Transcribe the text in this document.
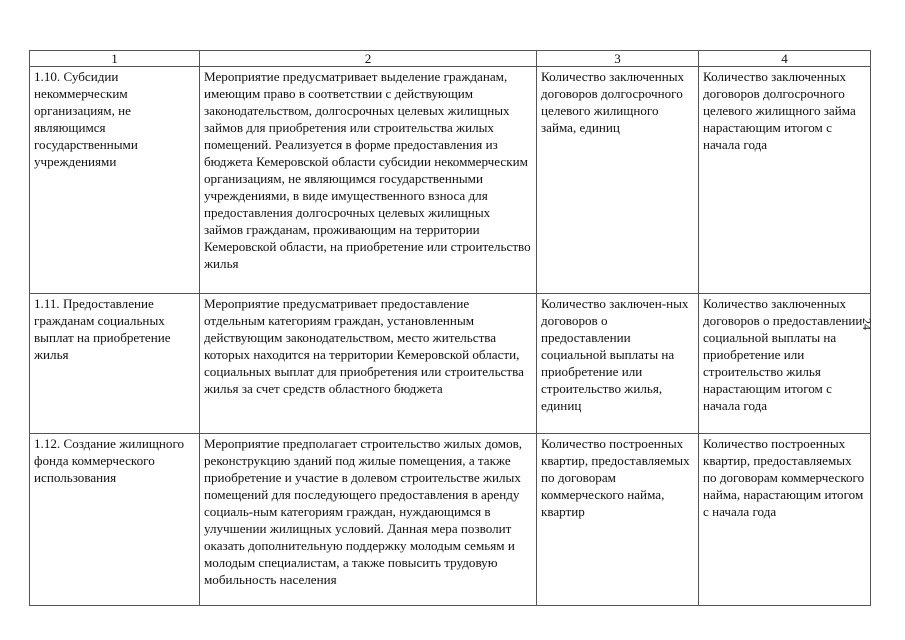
1	2	3	4
1.10. Субсидии некоммерческим организациям, не являющимся государственными учреждениями	Мероприятие предусматривает выделение гражданам, имеющим право в соответствии с действующим законодательством, долгосрочных целевых жилищных займов для приобретения или строительства жилых помещений. Реализуется в форме предоставления из бюджета Кемеровской области субсидии некоммерческим организациям, не являющимся государственными учреждениями, в виде имущественного взноса для предоставления долгосрочных целевых жилищных займов гражданам, проживающим на территории Кемеровской области, на приобретение или строительство жилья	Количество заключенных договоров долгосрочного целевого жилищного займа, единиц	Количество заключенных договоров долгосрочного целевого жилищного займа нарастающим итогом с начала года
1.11. Предоставление гражданам социальных выплат на приобретение жилья	Мероприятие предусматривает предоставление отдельным категориям граждан, установленным действующим законодательством, место жительства которых находится на территории Кемеровской области, социальных выплат для приобретения или строительства жилья за счет средств областного бюджета	Количество заключен-ных договоров о предоставлении социальной выплаты на приобретение или строительство жилья, единиц	Количество заключенных договоров о предоставлении социальной выплаты на приобретение или строительство жилья нарастающим итогом с начала года
1.12. Создание жилищного фонда коммерческого использования	Мероприятие предполагает строительство жилых домов, реконструкцию зданий под жилые помещения, а также приобретение и участие в долевом строительстве жилых помещений для последующего предоставления в аренду социаль-ным категориям граждан, нуждающимся в улучшении жилищных условий. Данная мера позволит оказать дополнительную поддержку молодым семьям и молодым специалистам, а также повысить трудовую мобильность населения	Количество построенных квартир, предоставляемых по договорам коммерческого найма, квартир	Количество построенных квартир, предоставляемых по договорам коммерческого найма, нарастающим итогом с начала года
24
